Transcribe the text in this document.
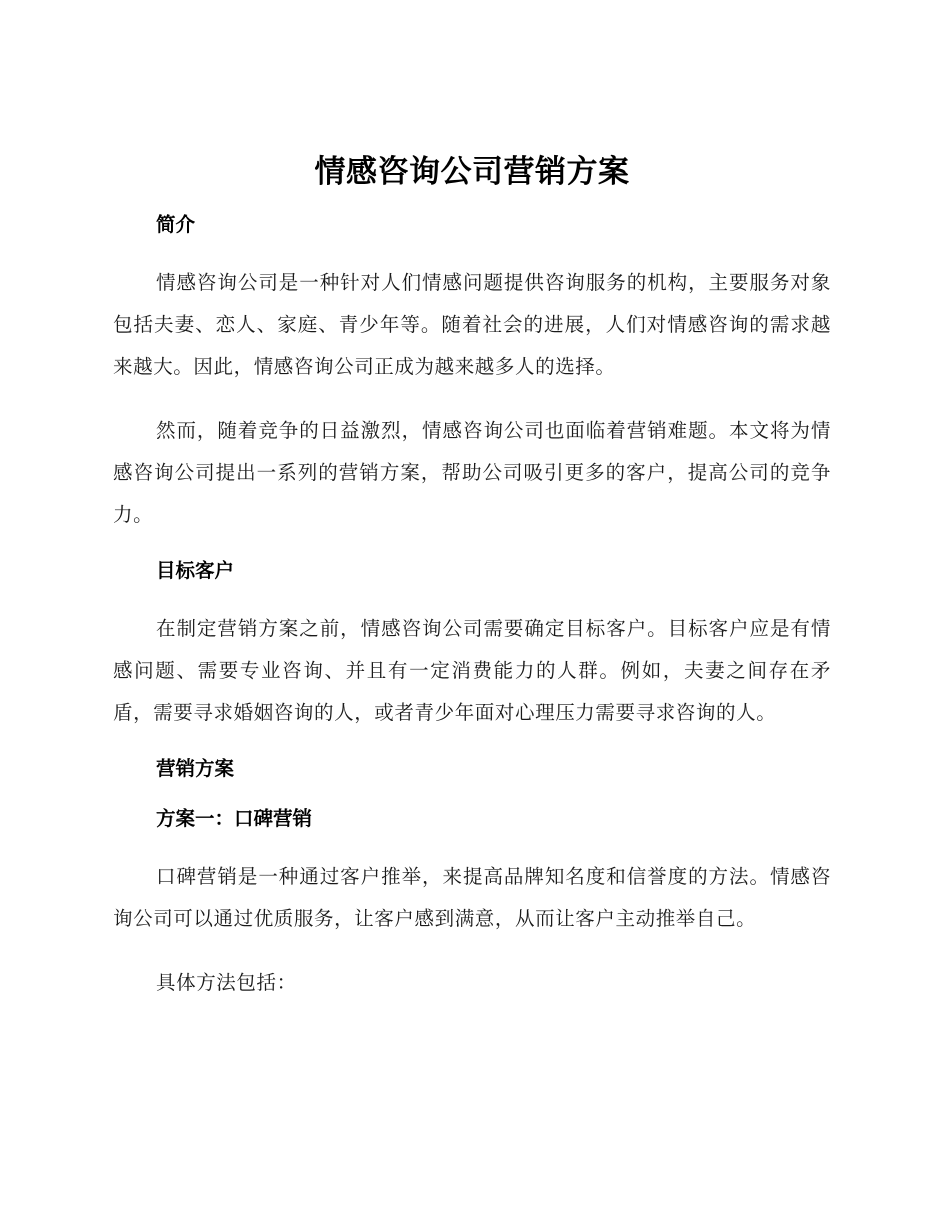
情感咨询公司营销方案
简介

情感咨询公司是一种针对人们情感问题提供咨询服务的机构，主要服务对象包括夫妻、恋人、家庭、青少年等。随着社会的进展，人们对情感咨询的需求越来越大。因此，情感咨询公司正成为越来越多人的选择。

然而，随着竞争的日益激烈，情感咨询公司也面临着营销难题。本文将为情感咨询公司提出一系列的营销方案，帮助公司吸引更多的客户，提高公司的竞争力。

目标客户

在制定营销方案之前，情感咨询公司需要确定目标客户。目标客户应是有情感问题、需要专业咨询、并且有一定消费能力的人群。例如，夫妻之间存在矛盾，需要寻求婚姻咨询的人，或者青少年面对心理压力需要寻求咨询的人。

营销方案
方案一：口碑营销

口碑营销是一种通过客户推举，来提高品牌知名度和信誉度的方法。情感咨询公司可以通过优质服务，让客户感到满意，从而让客户主动推举自己。

具体方法包括：
